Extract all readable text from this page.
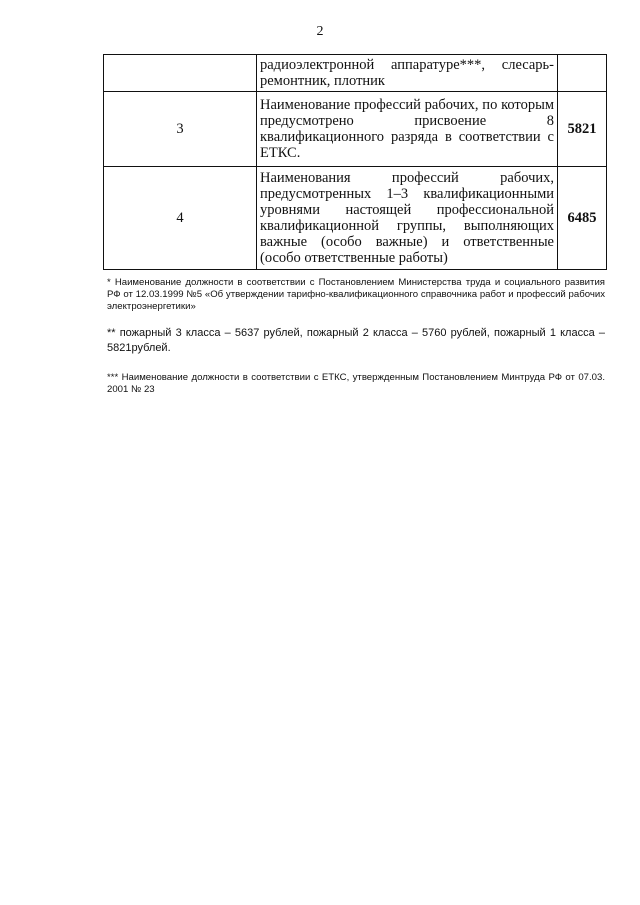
2
	радиоэлектронной аппаратуре***, слесарь-ремонтник, плотник	
3	Наименование профессий рабочих, по которым предусмотрено присвоение 8 квалификационного разряда в соответствии с ЕТКС.	5821
4	Наименования профессий рабочих, предусмотренных 1–3 квалификационными уровнями настоящей профессиональной квалификационной группы, выполняющих важные (особо важные) и ответственные (особо ответственные работы)	6485

* Наименование должности в соответствии с Постановлением Министерства труда и социального развития РФ от 12.03.1999 №5 «Об утверждении тарифно-квалификационного справочника работ и профессий рабочих электроэнергетики»

** пожарный 3 класса – 5637 рублей, пожарный 2 класса – 5760 рублей, пожарный 1 класса – 5821рублей.

*** Наименование должности в соответствии с ЕТКС, утвержденным Постановлением Минтруда РФ от 07.03. 2001 № 23
